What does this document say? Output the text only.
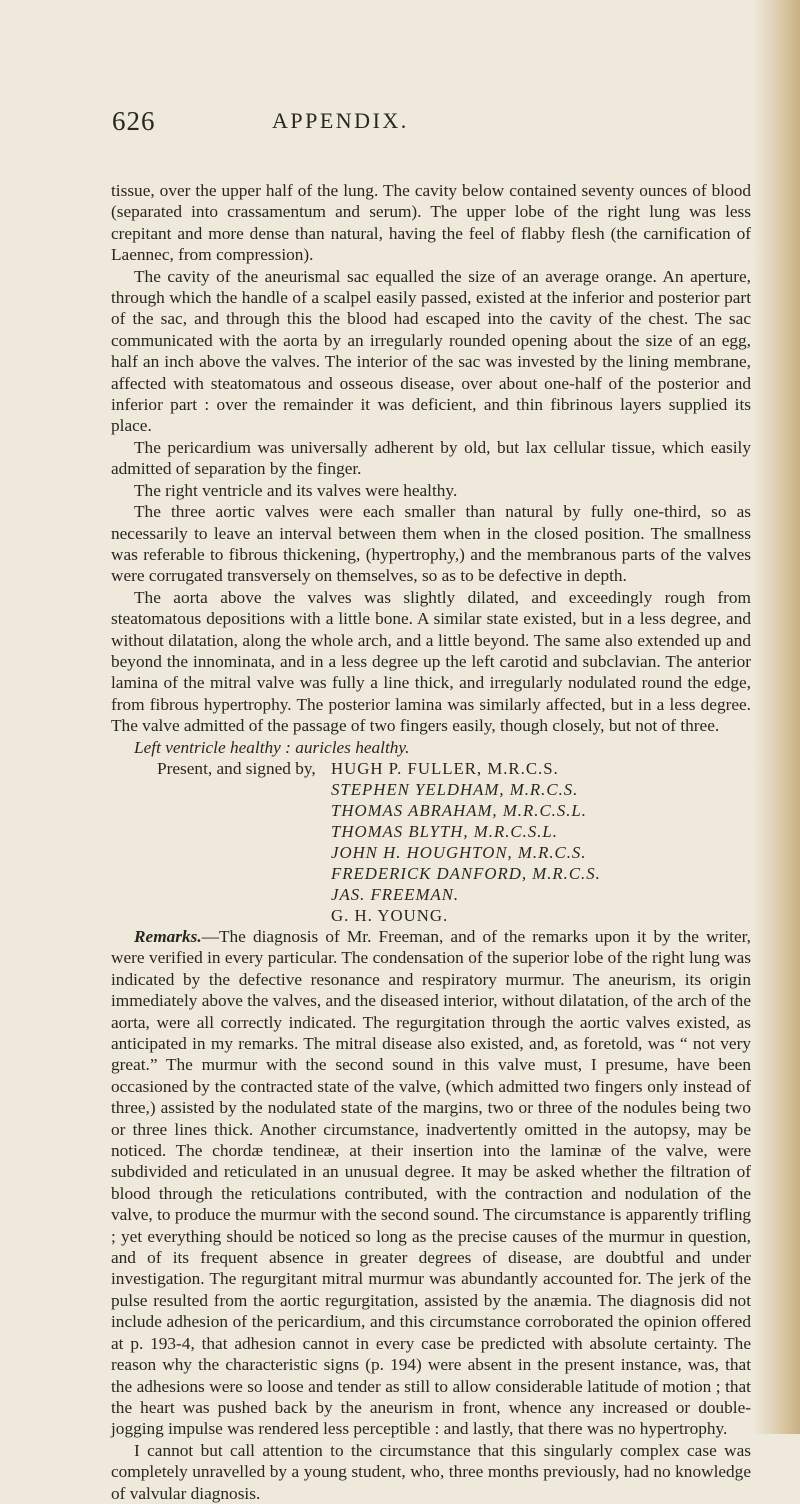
626	APPENDIX.

tissue, over the upper half of the lung. The cavity below contained seventy ounces of blood (separated into crassamentum and serum). The upper lobe of the right lung was less crepitant and more dense than natural, having the feel of flabby flesh (the carnification of Laennec, from compression).

The cavity of the aneurismal sac equalled the size of an average orange. An aperture, through which the handle of a scalpel easily passed, existed at the inferior and posterior part of the sac, and through this the blood had escaped into the cavity of the chest. The sac communicated with the aorta by an irregularly rounded opening about the size of an egg, half an inch above the valves. The interior of the sac was invested by the lining membrane, affected with steatomatous and osseous disease, over about one-half of the posterior and inferior part : over the remainder it was deficient, and thin fibrinous layers supplied its place.

The pericardium was universally adherent by old, but lax cellular tissue, which easily admitted of separation by the finger.

The right ventricle and its valves were healthy.

The three aortic valves were each smaller than natural by fully one-third, so as necessarily to leave an interval between them when in the closed position. The smallness was referable to fibrous thickening, (hypertrophy,) and the membranous parts of the valves were corrugated transversely on themselves, so as to be defective in depth.

The aorta above the valves was slightly dilated, and exceedingly rough from steatomatous depositions with a little bone. A similar state existed, but in a less degree, and without dilatation, along the whole arch, and a little beyond. The same also extended up and beyond the innominata, and in a less degree up the left carotid and subclavian. The anterior lamina of the mitral valve was fully a line thick, and irregularly nodulated round the edge, from fibrous hypertrophy. The posterior lamina was similarly affected, but in a less degree. The valve admitted of the passage of two fingers easily, though closely, but not of three.

Left ventricle healthy : auricles healthy.

Present, and signed by, HUGH P. FULLER, M.R.C.S.
STEPHEN YELDHAM, M.R.C.S.
THOMAS ABRAHAM, M.R.C.S.L.
THOMAS BLYTH, M.R.C.S.L.
JOHN H. HOUGHTON, M.R.C.S.
FREDERICK DANFORD, M.R.C.S.
JAS. FREEMAN.
G. H. YOUNG.

Remarks.—The diagnosis of Mr. Freeman, and of the remarks upon it by the writer, were verified in every particular. The condensation of the superior lobe of the right lung was indicated by the defective resonance and respiratory murmur. The aneurism, its origin immediately above the valves, and the diseased interior, without dilatation, of the arch of the aorta, were all correctly indicated. The regurgitation through the aortic valves existed, as anticipated in my remarks. The mitral disease also existed, and, as foretold, was “ not very great.” The murmur with the second sound in this valve must, I presume, have been occasioned by the contracted state of the valve, (which admitted two fingers only instead of three,) assisted by the nodulated state of the margins, two or three of the nodules being two or three lines thick. Another circumstance, inadvertently omitted in the autopsy, may be noticed. The chordæ tendineæ, at their insertion into the laminæ of the valve, were subdivided and reticulated in an unusual degree. It may be asked whether the filtration of blood through the reticulations contributed, with the contraction and nodulation of the valve, to produce the murmur with the second sound. The circumstance is apparently trifling ; yet everything should be noticed so long as the precise causes of the murmur in question, and of its frequent absence in greater degrees of disease, are doubtful and under investigation. The regurgitant mitral murmur was abundantly accounted for. The jerk of the pulse resulted from the aortic regurgitation, assisted by the anæmia. The diagnosis did not include adhesion of the pericardium, and this circumstance corroborated the opinion offered at p. 193-4, that adhesion cannot in every case be predicted with absolute certainty. The reason why the characteristic signs (p. 194) were absent in the present instance, was, that the adhesions were so loose and tender as still to allow considerable latitude of motion ; that the heart was pushed back by the aneurism in front, whence any increased or double-jogging impulse was rendered less perceptible : and lastly, that there was no hypertrophy.

I cannot but call attention to the circumstance that this singularly complex case was completely unravelled by a young student, who, three months previously, had no knowledge of valvular diagnosis.
